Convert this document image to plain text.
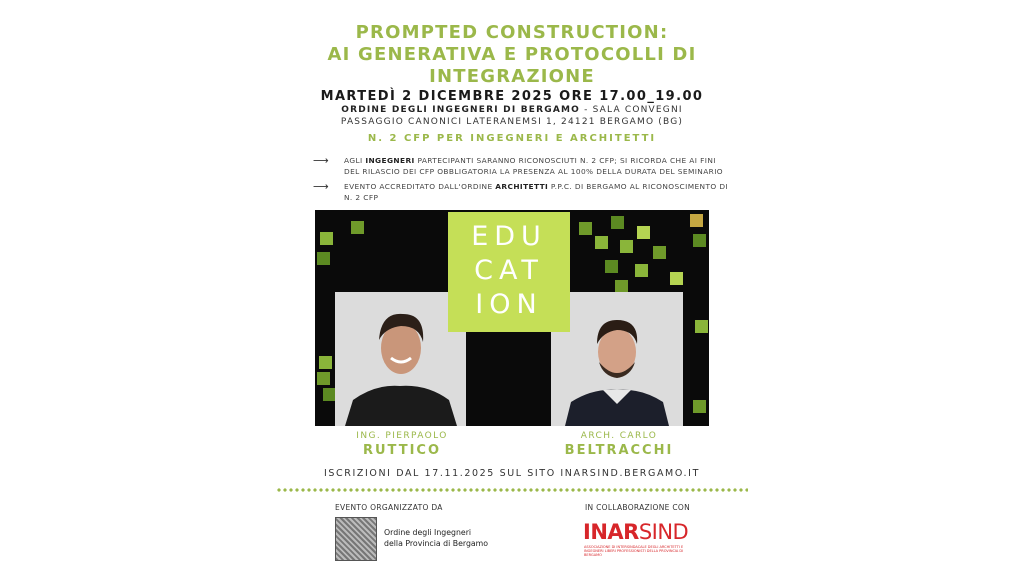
PROMPTED CONSTRUCTION:
AI GENERATIVA E PROTOCOLLI DI
INTEGRAZIONE
MARTEDÌ 2 DICEMBRE 2025 ORE 17.00_19.00
ORDINE DEGLI INGEGNERI DI BERGAMO - SALA CONVEGNI
PASSAGGIO CANONICI LATERANEMSI 1, 24121 BERGAMO (BG)
N. 2 CFP PER INGEGNERI E ARCHITETTI
⟶ AGLI INGEGNERI PARTECIPANTI SARANNO RICONOSCIUTI N. 2 CFP; SI RICORDA CHE AI FINI DEL RILASCIO DEI CFP OBBLIGATORIA LA PRESENZA AL 100% DELLA DURATA DEL SEMINARIO
⟶ EVENTO ACCREDITATO DALL'ORDINE ARCHITETTI P.P.C. DI BERGAMO AL RICONOSCIMENTO DI N. 2 CFP
EDU
CAT
ION
ING. PIERPAOLO
RUTTICO
ARCH. CARLO
BELTRACCHI
ISCRIZIONI DAL 17.11.2025 SUL SITO INARSIND.BERGAMO.IT
EVENTO ORGANIZZATO DA
Ordine degli Ingegneri
della Provincia di Bergamo
IN COLLABORAZIONE CON
INARSIND
ASSOCIAZIONE DI INTERSINDACALE DEGLI ARCHITETTI E INGEGNERI LIBERI PROFESSIONISTI DELLA PROVINCIA DI BERGAMO
